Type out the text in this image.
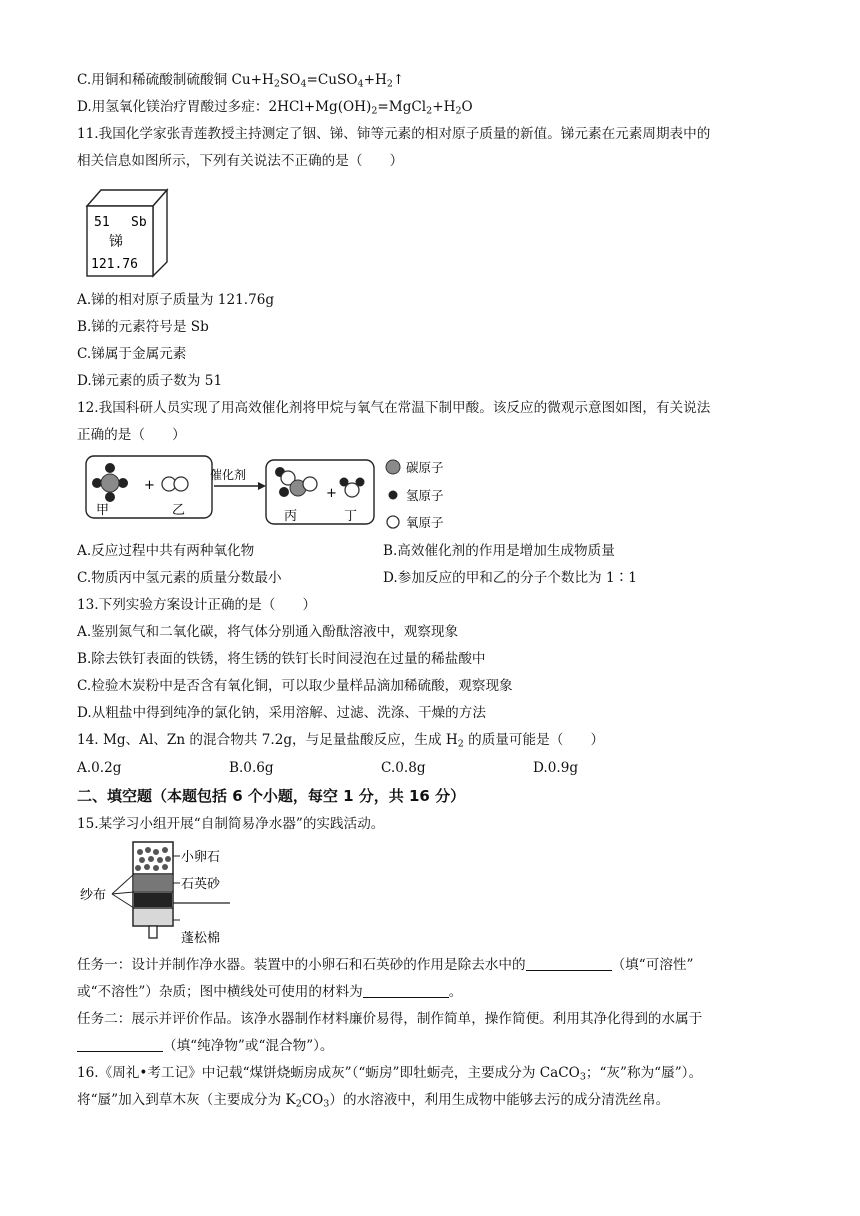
C.用铜和稀硫酸制硫酸铜 $Cu+H_2SO_4=CuSO_4+H_2↑$
D.用氢氧化镁治疗胃酸过多症：$2HCl+Mg(OH)_2=MgCl_2+H_2O$
11.我国化学家张青莲教授主持测定了铟、锑、铈等元素的相对原子质量的新值。锑元素在元素周期表中的
相关信息如图所示，下列有关说法不正确的是（　　）
51 Sb
锑
121.76
A.锑的相对原子质量为 121.76g
B.锑的元素符号是 Sb
C.锑属于金属元素
D.锑元素的质子数为 51
12.我国科研人员实现了用高效催化剂将甲烷与氧气在常温下制甲酸。该反应的微观示意图如图，有关说法
正确的是（　　）
+
甲	乙
催化剂
+
丙	丁
碳原子
氢原子
氧原子
A.反应过程中共有两种氧化物	B.高效催化剂的作用是增加生成物质量
C.物质丙中氢元素的质量分数最小	D.参加反应的甲和乙的分子个数比为 1∶1
13.下列实验方案设计正确的是（　　）
A.鉴别氮气和二氧化碳，将气体分别通入酚酞溶液中，观察现象
B.除去铁钉表面的铁锈，将生锈的铁钉长时间浸泡在过量的稀盐酸中
C.检验木炭粉中是否含有氧化铜，可以取少量样品滴加稀硫酸，观察现象
D.从粗盐中得到纯净的氯化钠，采用溶解、过滤、洗涤、干燥的方法
14. Mg、Al、Zn 的混合物共 7.2g，与足量盐酸反应，生成 $H_2$ 的质量可能是（　　）
A.0.2g	B.0.6g	C.0.8g	D.0.9g
二、填空题（本题包括 6 个小题，每空 1 分，共 16 分）
15.某学习小组开展“自制简易净水器”的实践活动。
纱布
小卵石
石英砂
蓬松棉
任务一：设计并制作净水器。装置中的小卵石和石英砂的作用是除去水中的	（填“可溶性”
或“不溶性”）杂质；图中横线处可使用的材料为	。
任务二：展示并评价作品。该净水器制作材料廉价易得，制作简单，操作简便。利用其净化得到的水属于
（填“纯净物”或“混合物”）。
16.《周礼•考工记》中记载“煤饼烧蛎房成灰”（“蛎房”即牡蛎壳，主要成分为 CaCO$_3$；“灰”称为“蜃”）。
将“蜃”加入到草木灰（主要成分为 $K_2CO_3$）的水溶液中，利用生成物中能够去污的成分清洗丝帛。
